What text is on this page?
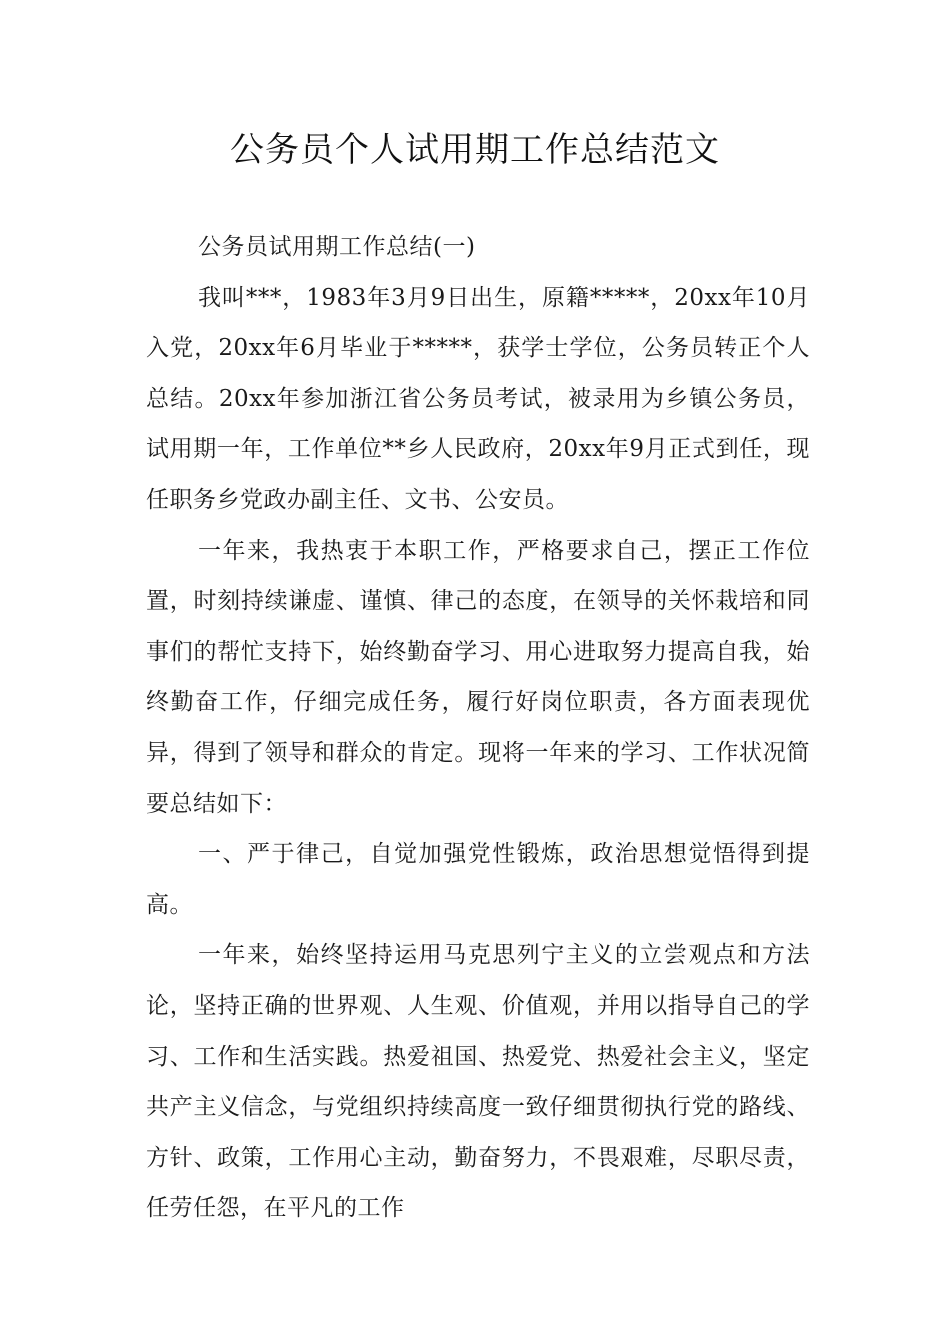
公务员个人试用期工作总结范文

公务员试用期工作总结(一)

我叫***，1983年3月9日出生，原籍*****，20xx年10月入党，20xx年6月毕业于*****，获学士学位，公务员转正个人总结。20xx年参加浙江省公务员考试，被录用为乡镇公务员，试用期一年，工作单位**乡人民政府，20xx年9月正式到任，现任职务乡党政办副主任、文书、公安员。

一年来，我热衷于本职工作，严格要求自己，摆正工作位置，时刻持续谦虚、谨慎、律己的态度，在领导的关怀栽培和同事们的帮忙支持下，始终勤奋学习、用心进取努力提高自我，始终勤奋工作，仔细完成任务，履行好岗位职责，各方面表现优异，得到了领导和群众的肯定。现将一年来的学习、工作状况简要总结如下：

一、严于律己，自觉加强党性锻炼，政治思想觉悟得到提高。

一年来，始终坚持运用马克思列宁主义的立尝观点和方法论，坚持正确的世界观、人生观、价值观，并用以指导自己的学习、工作和生活实践。热爱祖国、热爱党、热爱社会主义，坚定共产主义信念，与党组织持续高度一致仔细贯彻执行党的路线、方针、政策，工作用心主动，勤奋努力，不畏艰难，尽职尽责，任劳任怨，在平凡的工作
